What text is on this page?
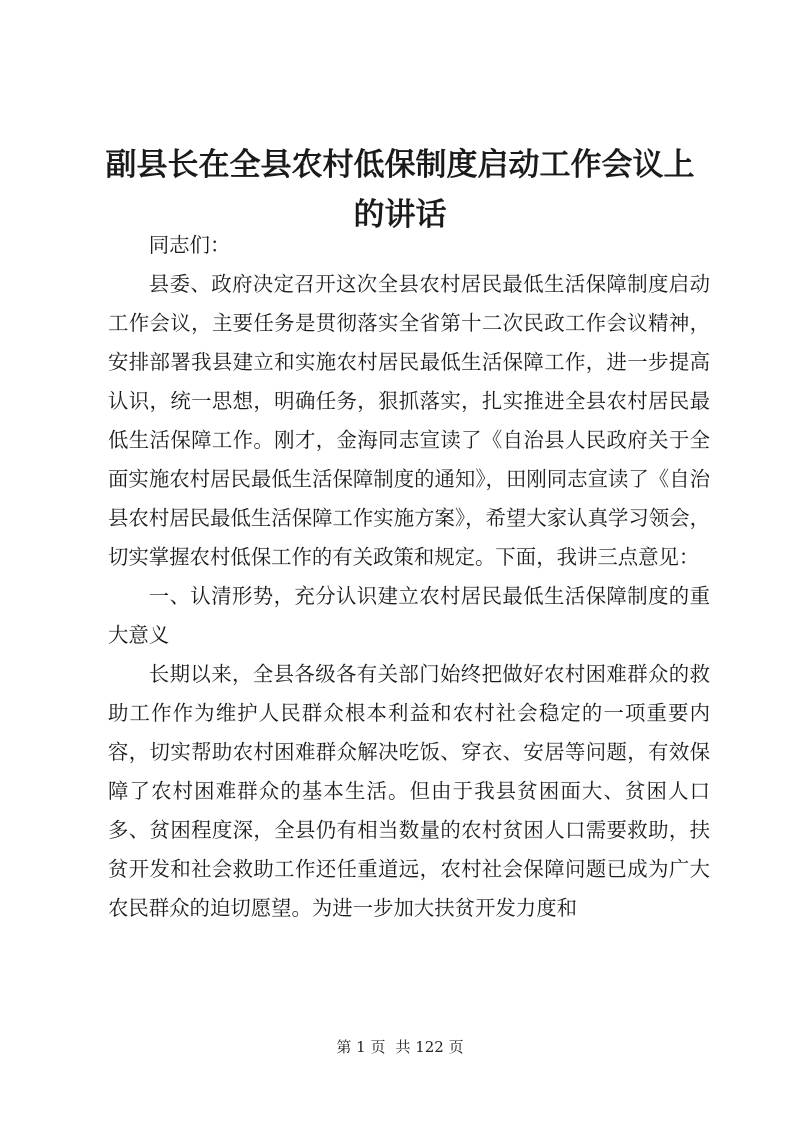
副县长在全县农村低保制度启动工作会议上的讲话

同志们：

县委、政府决定召开这次全县农村居民最低生活保障制度启动工作会议，主要任务是贯彻落实全省第十二次民政工作会议精神，安排部署我县建立和实施农村居民最低生活保障工作，进一步提高认识，统一思想，明确任务，狠抓落实，扎实推进全县农村居民最低生活保障工作。刚才，金海同志宣读了《自治县人民政府关于全面实施农村居民最低生活保障制度的通知》，田刚同志宣读了《自治县农村居民最低生活保障工作实施方案》，希望大家认真学习领会，切实掌握农村低保工作的有关政策和规定。下面，我讲三点意见：

一、认清形势，充分认识建立农村居民最低生活保障制度的重大意义

长期以来，全县各级各有关部门始终把做好农村困难群众的救助工作作为维护人民群众根本利益和农村社会稳定的一项重要内容，切实帮助农村困难群众解决吃饭、穿衣、安居等问题，有效保障了农村困难群众的基本生活。但由于我县贫困面大、贫困人口多、贫困程度深，全县仍有相当数量的农村贫困人口需要救助，扶贫开发和社会救助工作还任重道远，农村社会保障问题已成为广大农民群众的迫切愿望。为进一步加大扶贫开发力度和

第 1 页 共 122 页
